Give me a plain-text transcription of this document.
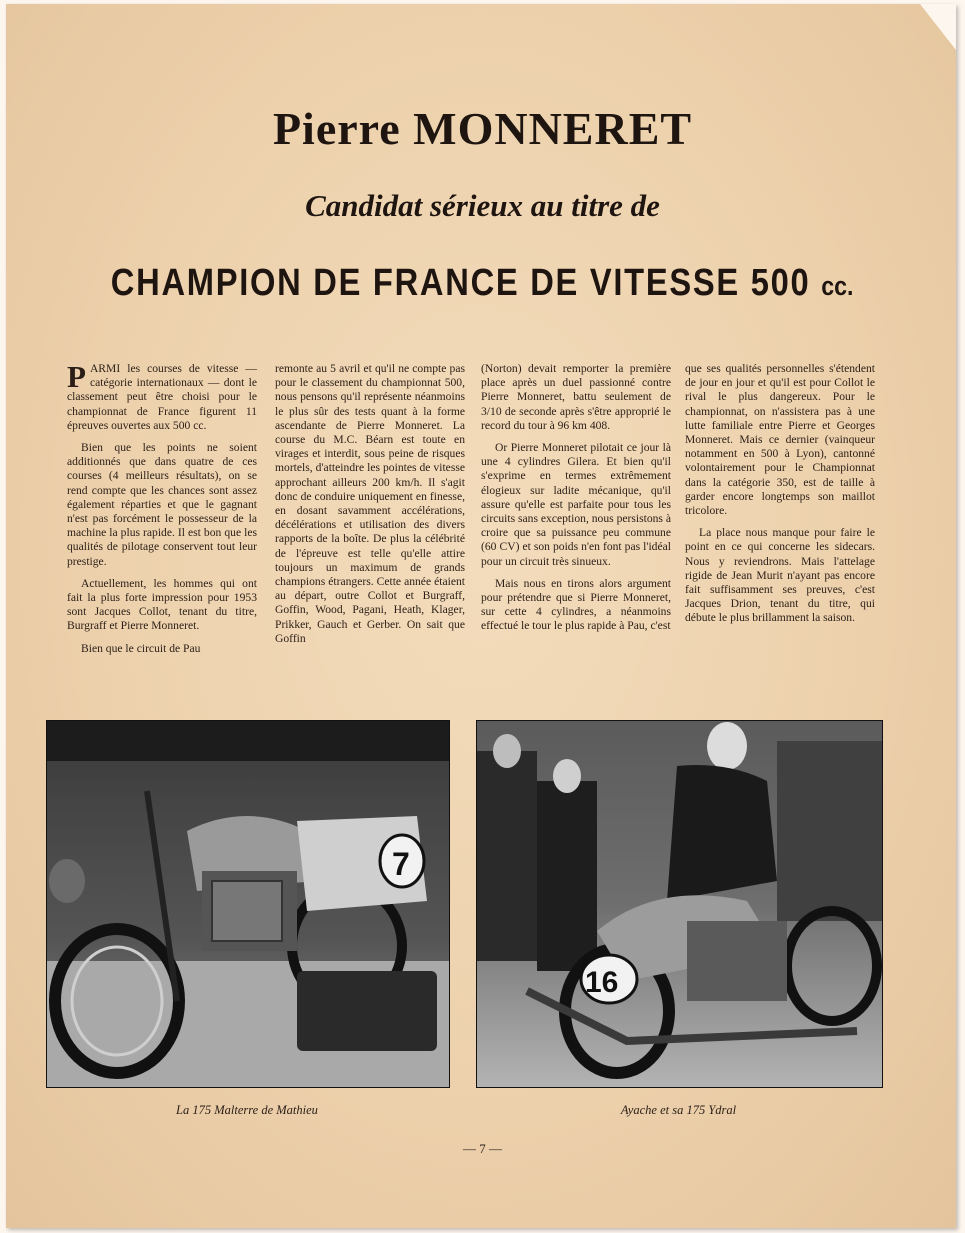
Pierre MONNERET
Candidat sérieux au titre de
CHAMPION DE FRANCE DE VITESSE 500 cc.

PARMI les courses de vitesse — catégorie internationaux — dont le classement peut être choisi pour le championnat de France figurent 11 épreuves ouvertes aux 500 cc.

Bien que les points ne soient additionnés que dans quatre de ces courses (4 meilleurs résultats), on se rend compte que les chances sont assez également réparties et que le gagnant n'est pas forcément le possesseur de la machine la plus rapide. Il est bon que les qualités de pilotage conservent tout leur prestige.

Actuellement, les hommes qui ont fait la plus forte impression pour 1953 sont Jacques Collot, tenant du titre, Burgraff et Pierre Monneret.

Bien que le circuit de Pau

remonte au 5 avril et qu'il ne compte pas pour le classement du championnat 500, nous pensons qu'il représente néanmoins le plus sûr des tests quant à la forme ascendante de Pierre Monneret. La course du M.C. Béarn est toute en virages et interdit, sous peine de risques mortels, d'atteindre les pointes de vitesse approchant ailleurs 200 km/h. Il s'agit donc de conduire uniquement en finesse, en dosant savamment accélérations, décélérations et utilisation des divers rapports de la boîte. De plus la célébrité de l'épreuve est telle qu'elle attire toujours un maximum de grands champions étrangers. Cette année étaient au départ, outre Collot et Burgraff, Goffin, Wood, Pagani, Heath, Klager, Prikker, Gauch et Gerber. On sait que Goffin

(Norton) devait remporter la première place après un duel passionné contre Pierre Monneret, battu seulement de 3/10 de seconde après s'être approprié le record du tour à 96 km 408.

Or Pierre Monneret pilotait ce jour là une 4 cylindres Gilera. Et bien qu'il s'exprime en termes extrêmement élogieux sur ladite mécanique, qu'il assure qu'elle est parfaite pour tous les circuits sans exception, nous persistons à croire que sa puissance peu commune (60 CV) et son poids n'en font pas l'idéal pour un circuit très sinueux.

Mais nous en tirons alors argument pour prétendre que si Pierre Monneret, sur cette 4 cylindres, a néanmoins effectué le tour le plus rapide à Pau, c'est

que ses qualités personnelles s'étendent de jour en jour et qu'il est pour Collot le rival le plus dangereux. Pour le championnat, on n'assistera pas à une lutte familiale entre Pierre et Georges Monneret. Mais ce dernier (vainqueur notamment en 500 à Lyon), cantonné volontairement pour le Championnat dans la catégorie 350, est de taille à garder encore longtemps son maillot tricolore.

La place nous manque pour faire le point en ce qui concerne les sidecars. Nous y reviendrons. Mais l'attelage rigide de Jean Murit n'ayant pas encore fait suffisamment ses preuves, c'est Jacques Drion, tenant du titre, qui débute le plus brillamment la saison.

7

La 175 Malterre de Mathieu

16

Ayache et sa 175 Ydral

— 7 —
